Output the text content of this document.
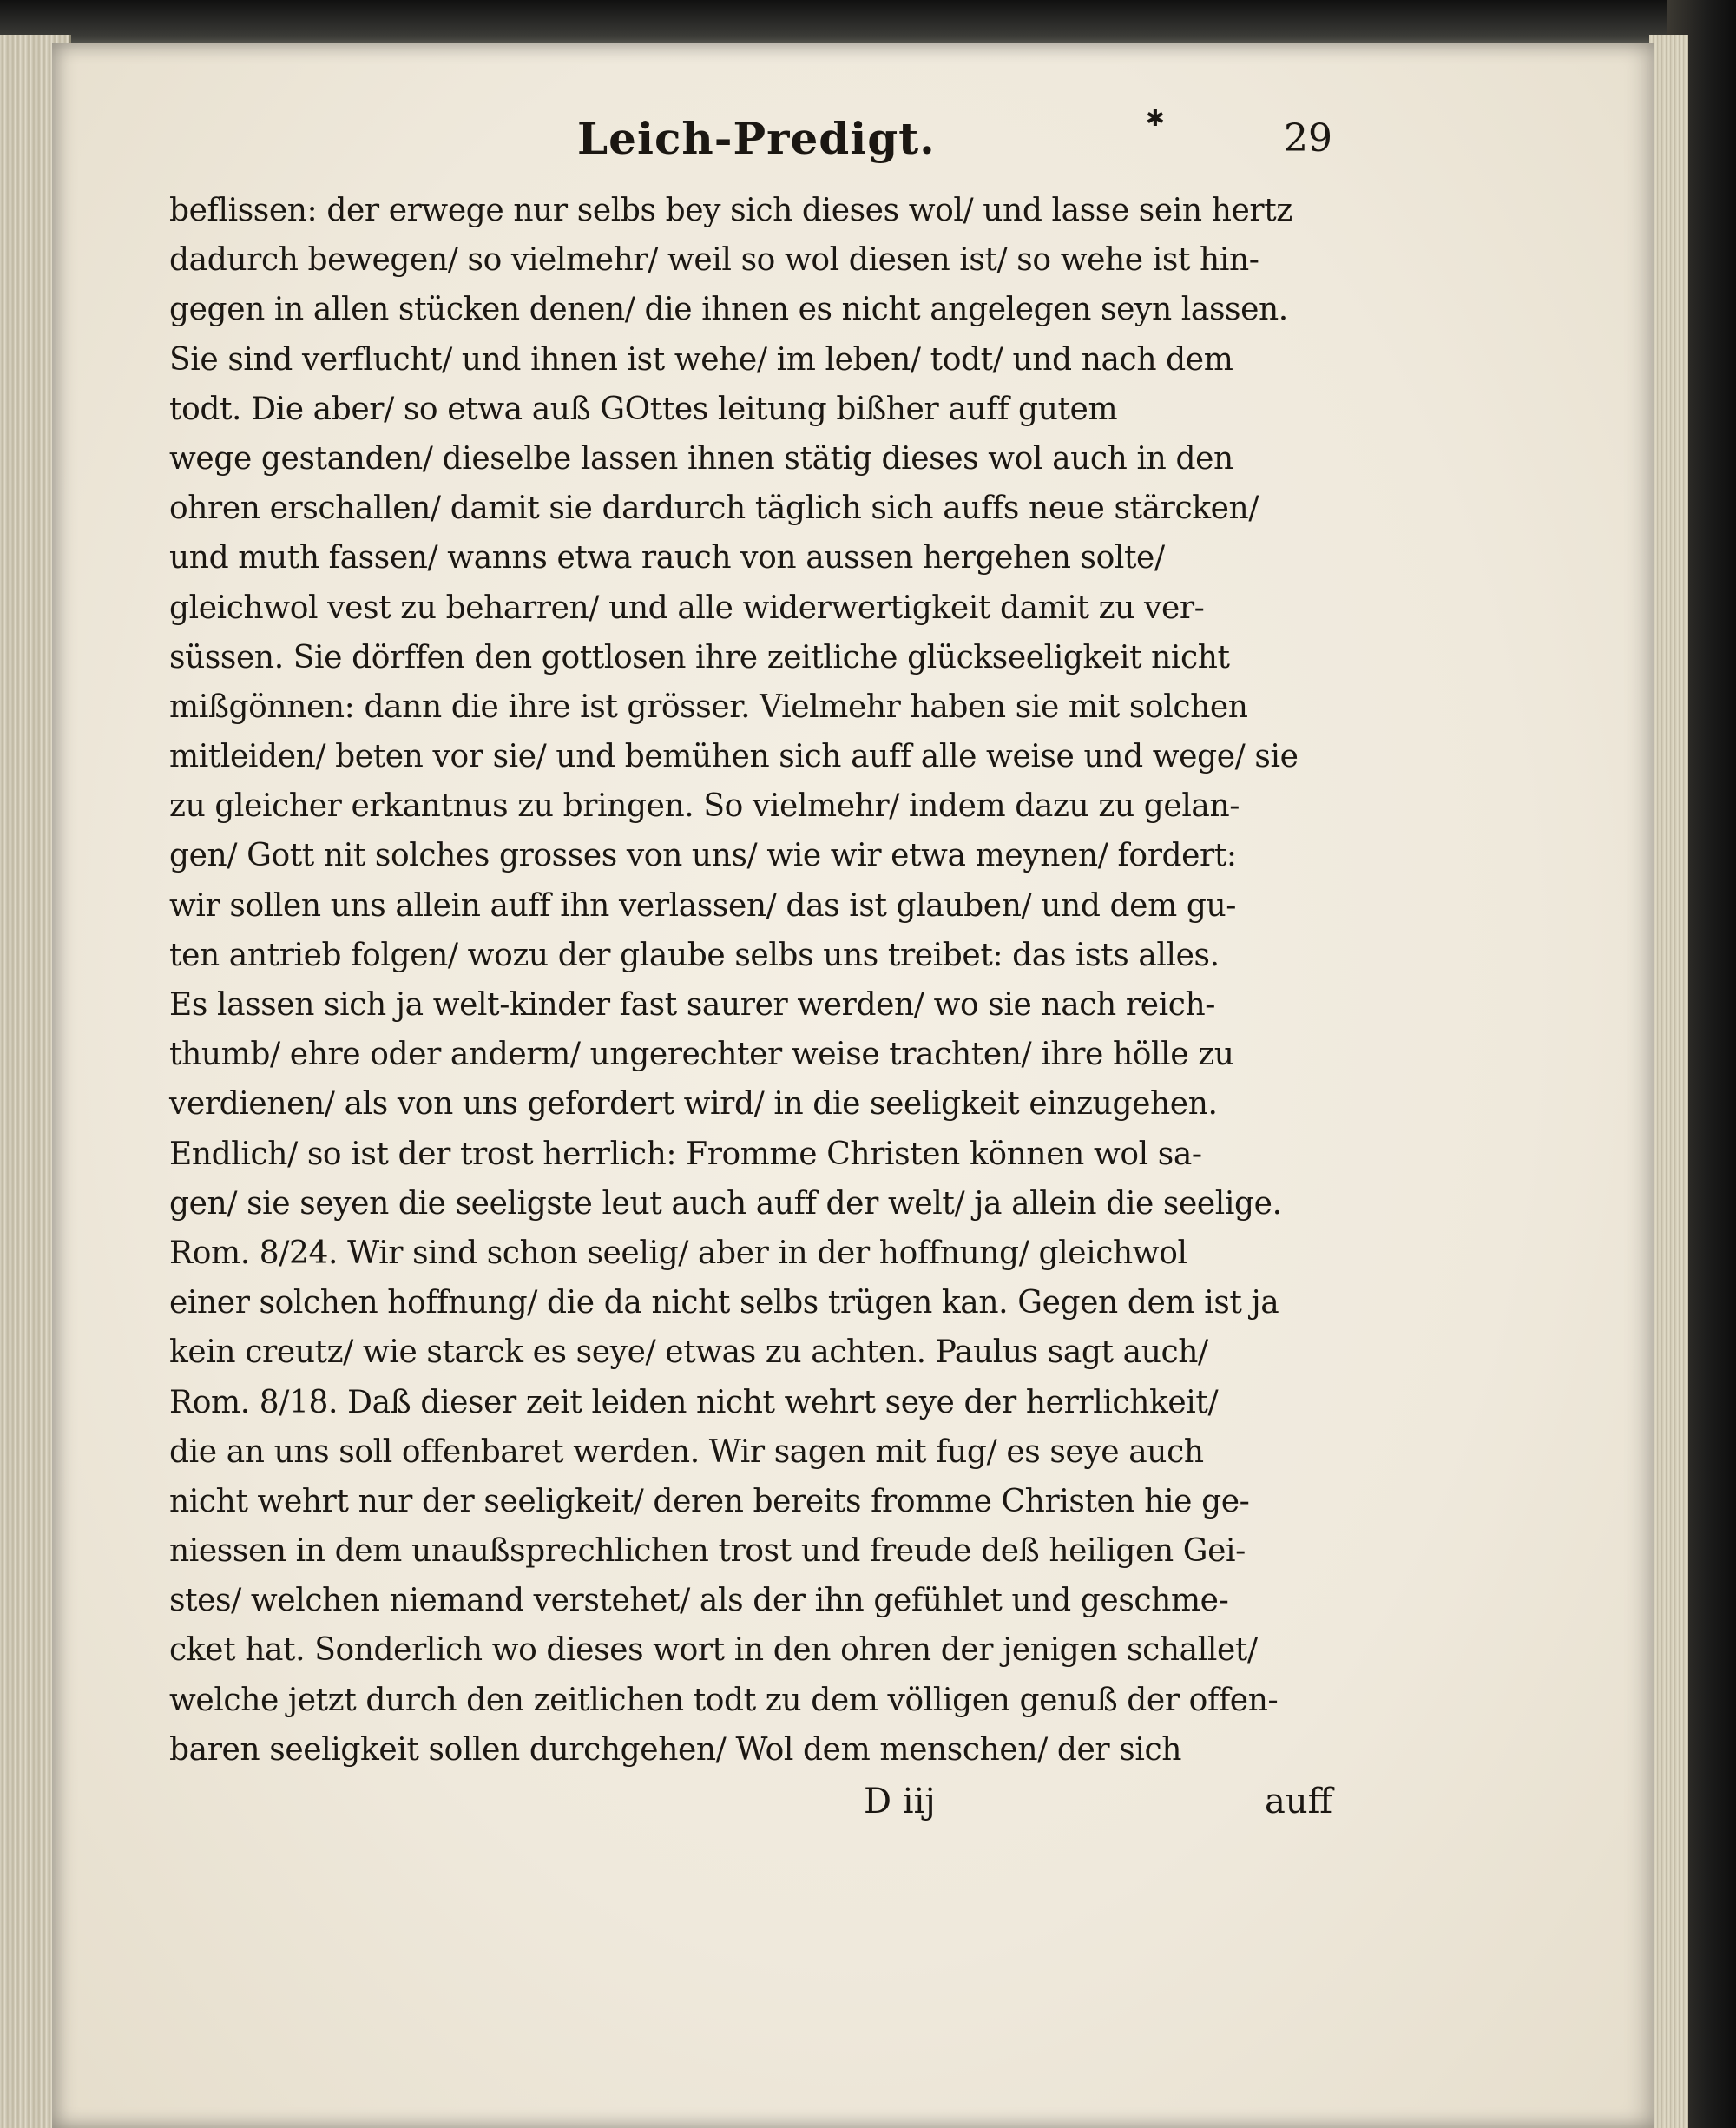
Leich-Predigt.	✱	29
beflissen: der erwege nur selbs bey sich dieses wol/ und lasse sein hertz
dadurch bewegen/ so vielmehr/ weil so wol diesen ist/ so wehe ist hin-
gegen in allen stücken denen/ die ihnen es nicht angelegen seyn lassen.
Sie sind verflucht/ und ihnen ist wehe/ im leben/ todt/ und nach dem
todt. Die aber/ so etwa auß GOttes leitung bißher auff gutem
wege gestanden/ dieselbe lassen ihnen stätig dieses wol auch in den
ohren erschallen/ damit sie dardurch täglich sich auffs neue stärcken/
und muth fassen/ wanns etwa rauch von aussen hergehen solte/
gleichwol vest zu beharren/ und alle widerwertigkeit damit zu ver-
süssen. Sie dörffen den gottlosen ihre zeitliche glückseeligkeit nicht
mißgönnen: dann die ihre ist grösser. Vielmehr haben sie mit solchen
mitleiden/ beten vor sie/ und bemühen sich auff alle weise und wege/ sie
zu gleicher erkantnus zu bringen. So vielmehr/ indem dazu zu gelan-
gen/ Gott nit solches grosses von uns/ wie wir etwa meynen/ fordert:
wir sollen uns allein auff ihn verlassen/ das ist glauben/ und dem gu-
ten antrieb folgen/ wozu der glaube selbs uns treibet: das ists alles.
Es lassen sich ja welt-kinder fast saurer werden/ wo sie nach reich-
thumb/ ehre oder anderm/ ungerechter weise trachten/ ihre hölle zu
verdienen/ als von uns gefordert wird/ in die seeligkeit einzugehen.
Endlich/ so ist der trost herrlich: Fromme Christen können wol sa-
gen/ sie seyen die seeligste leut auch auff der welt/ ja allein die seelige.
Rom. 8/24. Wir sind schon seelig/ aber in der hoffnung/ gleichwol
einer solchen hoffnung/ die da nicht selbs trügen kan. Gegen dem ist ja
kein creutz/ wie starck es seye/ etwas zu achten. Paulus sagt auch/
Rom. 8/18. Daß dieser zeit leiden nicht wehrt seye der herrlichkeit/
die an uns soll offenbaret werden. Wir sagen mit fug/ es seye auch
nicht wehrt nur der seeligkeit/ deren bereits fromme Christen hie ge-
niessen in dem unaußsprechlichen trost und freude deß heiligen Gei-
stes/ welchen niemand verstehet/ als der ihn gefühlet und geschme-
cket hat. Sonderlich wo dieses wort in den ohren der jenigen schallet/
welche jetzt durch den zeitlichen todt zu dem völligen genuß der offen-
baren seeligkeit sollen durchgehen/ Wol dem menschen/ der sich
D iij	auff
